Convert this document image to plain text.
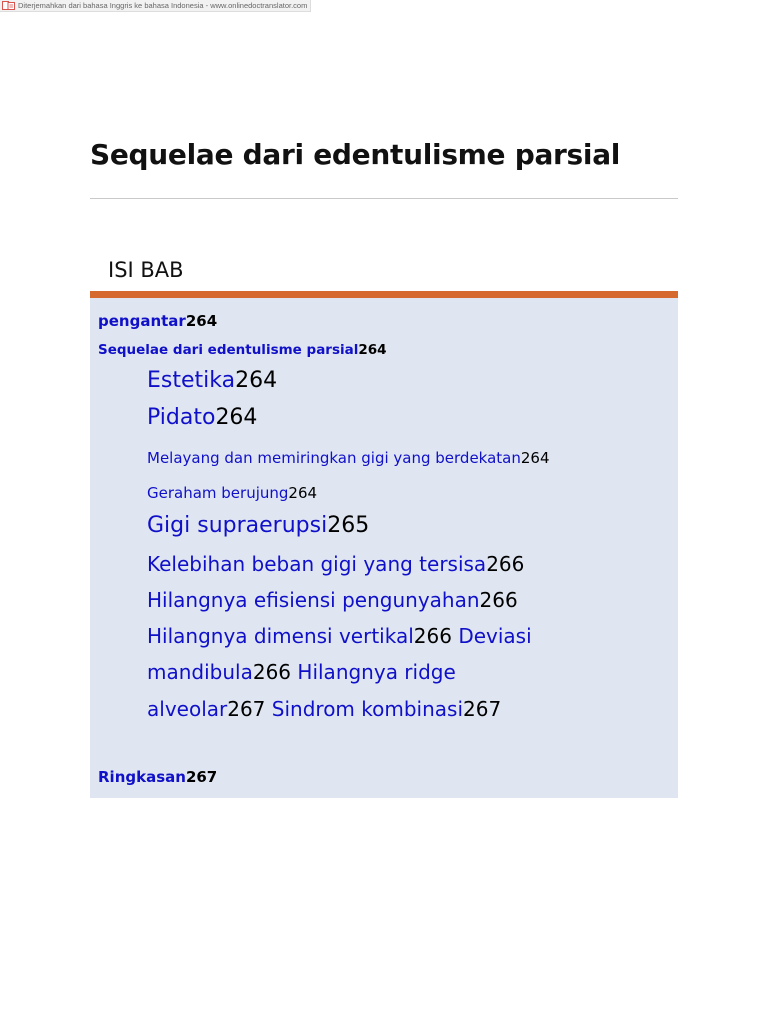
Diterjemahkan dari bahasa Inggris ke bahasa Indonesia - www.onlinedoctranslator.com
Sequelae dari edentulisme parsial
ISI BAB
pengantar264
Sequelae dari edentulisme parsial264
Estetika264
Pidato264
Melayang dan memiringkan gigi yang berdekatan264
Geraham berujung264
Gigi supraerupsi265
Kelebihan beban gigi yang tersisa266
Hilangnya efisiensi pengunyahan266
Hilangnya dimensi vertikal266 Deviasi
mandibula266 Hilangnya ridge
alveolar267 Sindrom kombinasi267
Ringkasan267
